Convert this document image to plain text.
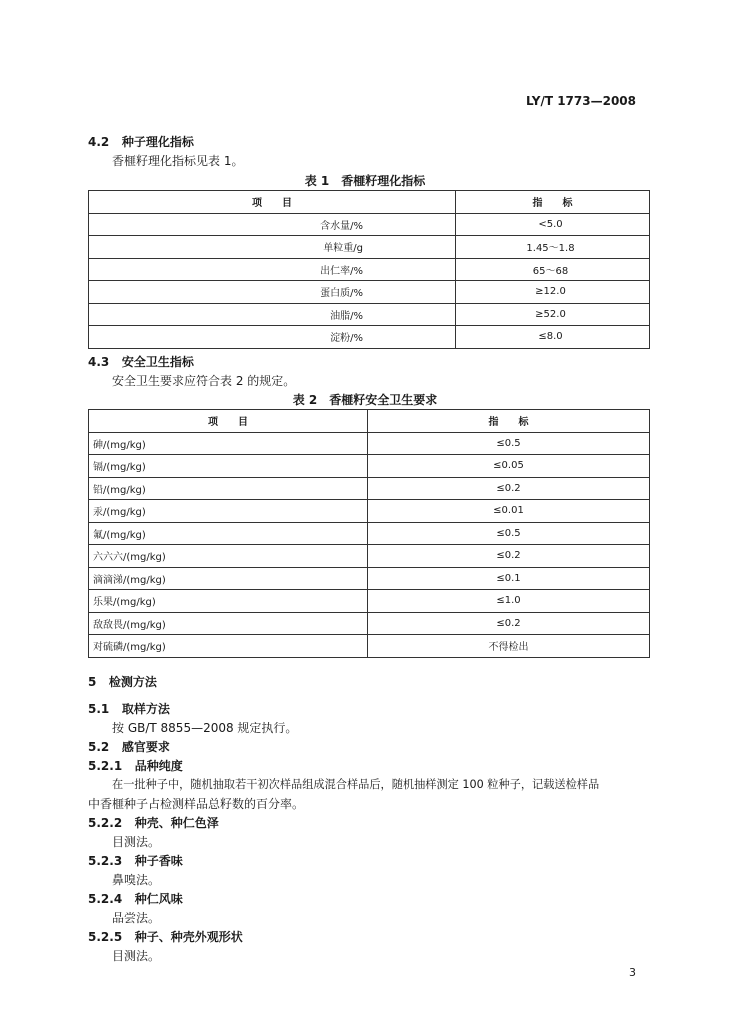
LY/T 1773—2008
4.2 种子理化指标
香榧籽理化指标见表 1。
表 1　香榧籽理化指标
项　　目	指　　标
含水量/%	<5.0
单粒重/g	1.45～1.8
出仁率/%	65～68
蛋白质/%	≥12.0
油脂/%	≥52.0
淀粉/%	≤8.0
4.3 安全卫生指标
安全卫生要求应符合表 2 的规定。
表 2　香榧籽安全卫生要求
项　　目	指　　标
砷/(mg/kg)	≤0.5
镉/(mg/kg)	≤0.05
铅/(mg/kg)	≤0.2
汞/(mg/kg)	≤0.01
氟/(mg/kg)	≤0.5
六六六/(mg/kg)	≤0.2
滴滴涕/(mg/kg)	≤0.1
乐果/(mg/kg)	≤1.0
敌敌畏/(mg/kg)	≤0.2
对硫磷/(mg/kg)	不得检出
5 检测方法
5.1 取样方法
按 GB/T 8855—2008 规定执行。
5.2 感官要求
5.2.1 品种纯度
在一批种子中，随机抽取若干初次样品组成混合样品后，随机抽样测定 100 粒种子，记载送检样品
中香榧种子占检测样品总籽数的百分率。
5.2.2 种壳、种仁色泽
目测法。
5.2.3 种子香味
鼻嗅法。
5.2.4 种仁风味
品尝法。
5.2.5 种子、种壳外观形状
目测法。
3
